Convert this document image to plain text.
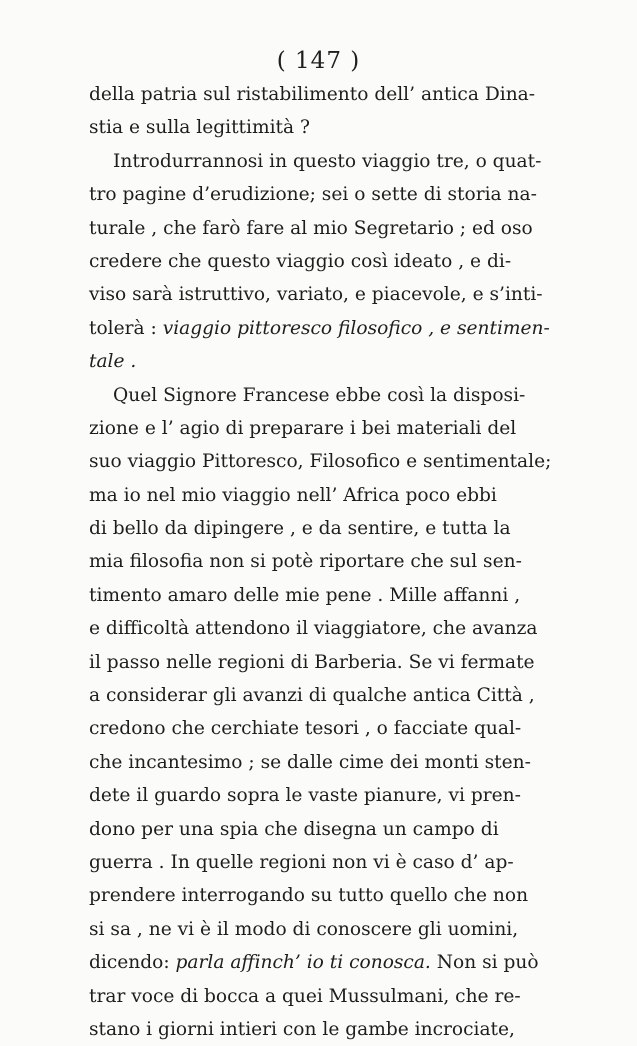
( 147 )
della patria sul ristabilimento dell’ antica Dina-
stia e sulla legittimità ?
Introdurrannosi in questo viaggio tre, o quat-
tro pagine d’erudizione; sei o sette di storia na-
turale , che farò fare al mio Segretario ; ed oso
credere che questo viaggio così ideato , e di-
viso sarà istruttivo, variato, e piacevole, e s’inti-
tolerà : viaggio pittoresco filosofico , e sentimen-
tale .
Quel Signore Francese ebbe così la disposi-
zione e l’ agio di preparare i bei materiali del
suo viaggio Pittoresco, Filosofico e sentimentale;
ma io nel mio viaggio nell’ Africa poco ebbi
di bello da dipingere , e da sentire, e tutta la
mia filosofia non si potè riportare che sul sen-
timento amaro delle mie pene . Mille affanni ,
e difficoltà attendono il viaggiatore, che avanza
il passo nelle regioni di Barberia. Se vi fermate
a considerar gli avanzi di qualche antica Città ,
credono che cerchiate tesori , o facciate qual-
che incantesimo ; se dalle cime dei monti sten-
dete il guardo sopra le vaste pianure, vi pren-
dono per una spia che disegna un campo di
guerra . In quelle regioni non vi è caso d’ ap-
prendere interrogando su tutto quello che non
si sa , ne vi è il modo di conoscere gli uomini,
dicendo: parla affinch’ io ti conosca. Non si può
trar voce di bocca a quei Mussulmani, che re-
stano i giorni intieri con le gambe incrociate,
